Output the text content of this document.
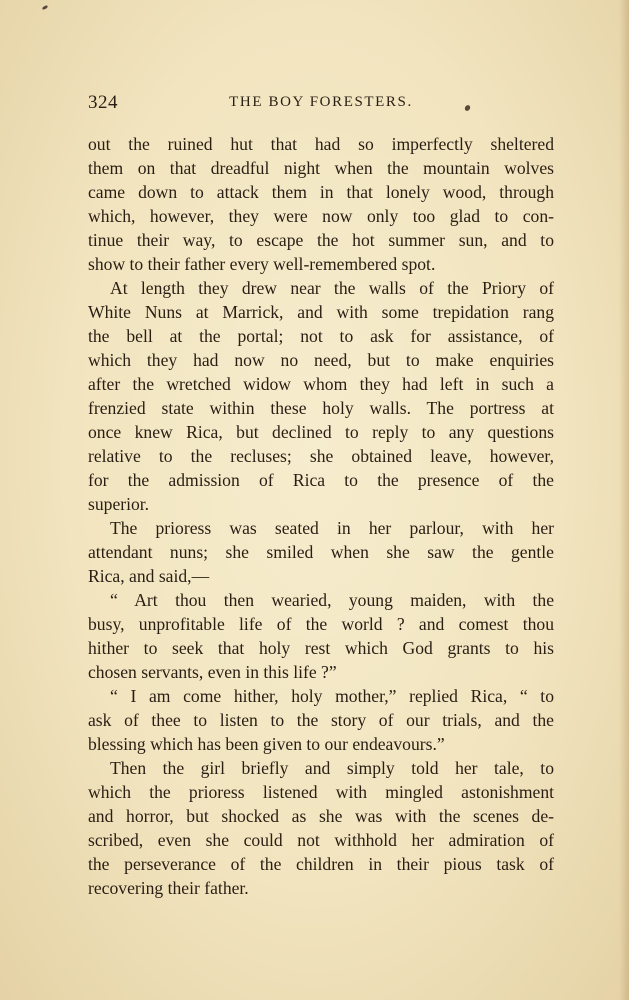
324	THE BOY FORESTERS.
out the ruined hut that had so imperfectly sheltered
them on that dreadful night when the mountain wolves
came down to attack them in that lonely wood, through
which, however, they were now only too glad to con-
tinue their way, to escape the hot summer sun, and to
show to their father every well-remembered spot.
At length they drew near the walls of the Priory of
White Nuns at Marrick, and with some trepidation rang
the bell at the portal; not to ask for assistance, of
which they had now no need, but to make enquiries
after the wretched widow whom they had left in such a
frenzied state within these holy walls. The portress at
once knew Rica, but declined to reply to any questions
relative to the recluses; she obtained leave, however,
for the admission of Rica to the presence of the
superior.
The prioress was seated in her parlour, with her
attendant nuns; she smiled when she saw the gentle
Rica, and said,—
“ Art thou then wearied, young maiden, with the
busy, unprofitable life of the world ? and comest thou
hither to seek that holy rest which God grants to his
chosen servants, even in this life ?”
“ I am come hither, holy mother,” replied Rica, “ to
ask of thee to listen to the story of our trials, and the
blessing which has been given to our endeavours.”
Then the girl briefly and simply told her tale, to
which the prioress listened with mingled astonishment
and horror, but shocked as she was with the scenes de-
scribed, even she could not withhold her admiration of
the perseverance of the children in their pious task of
recovering their father.
